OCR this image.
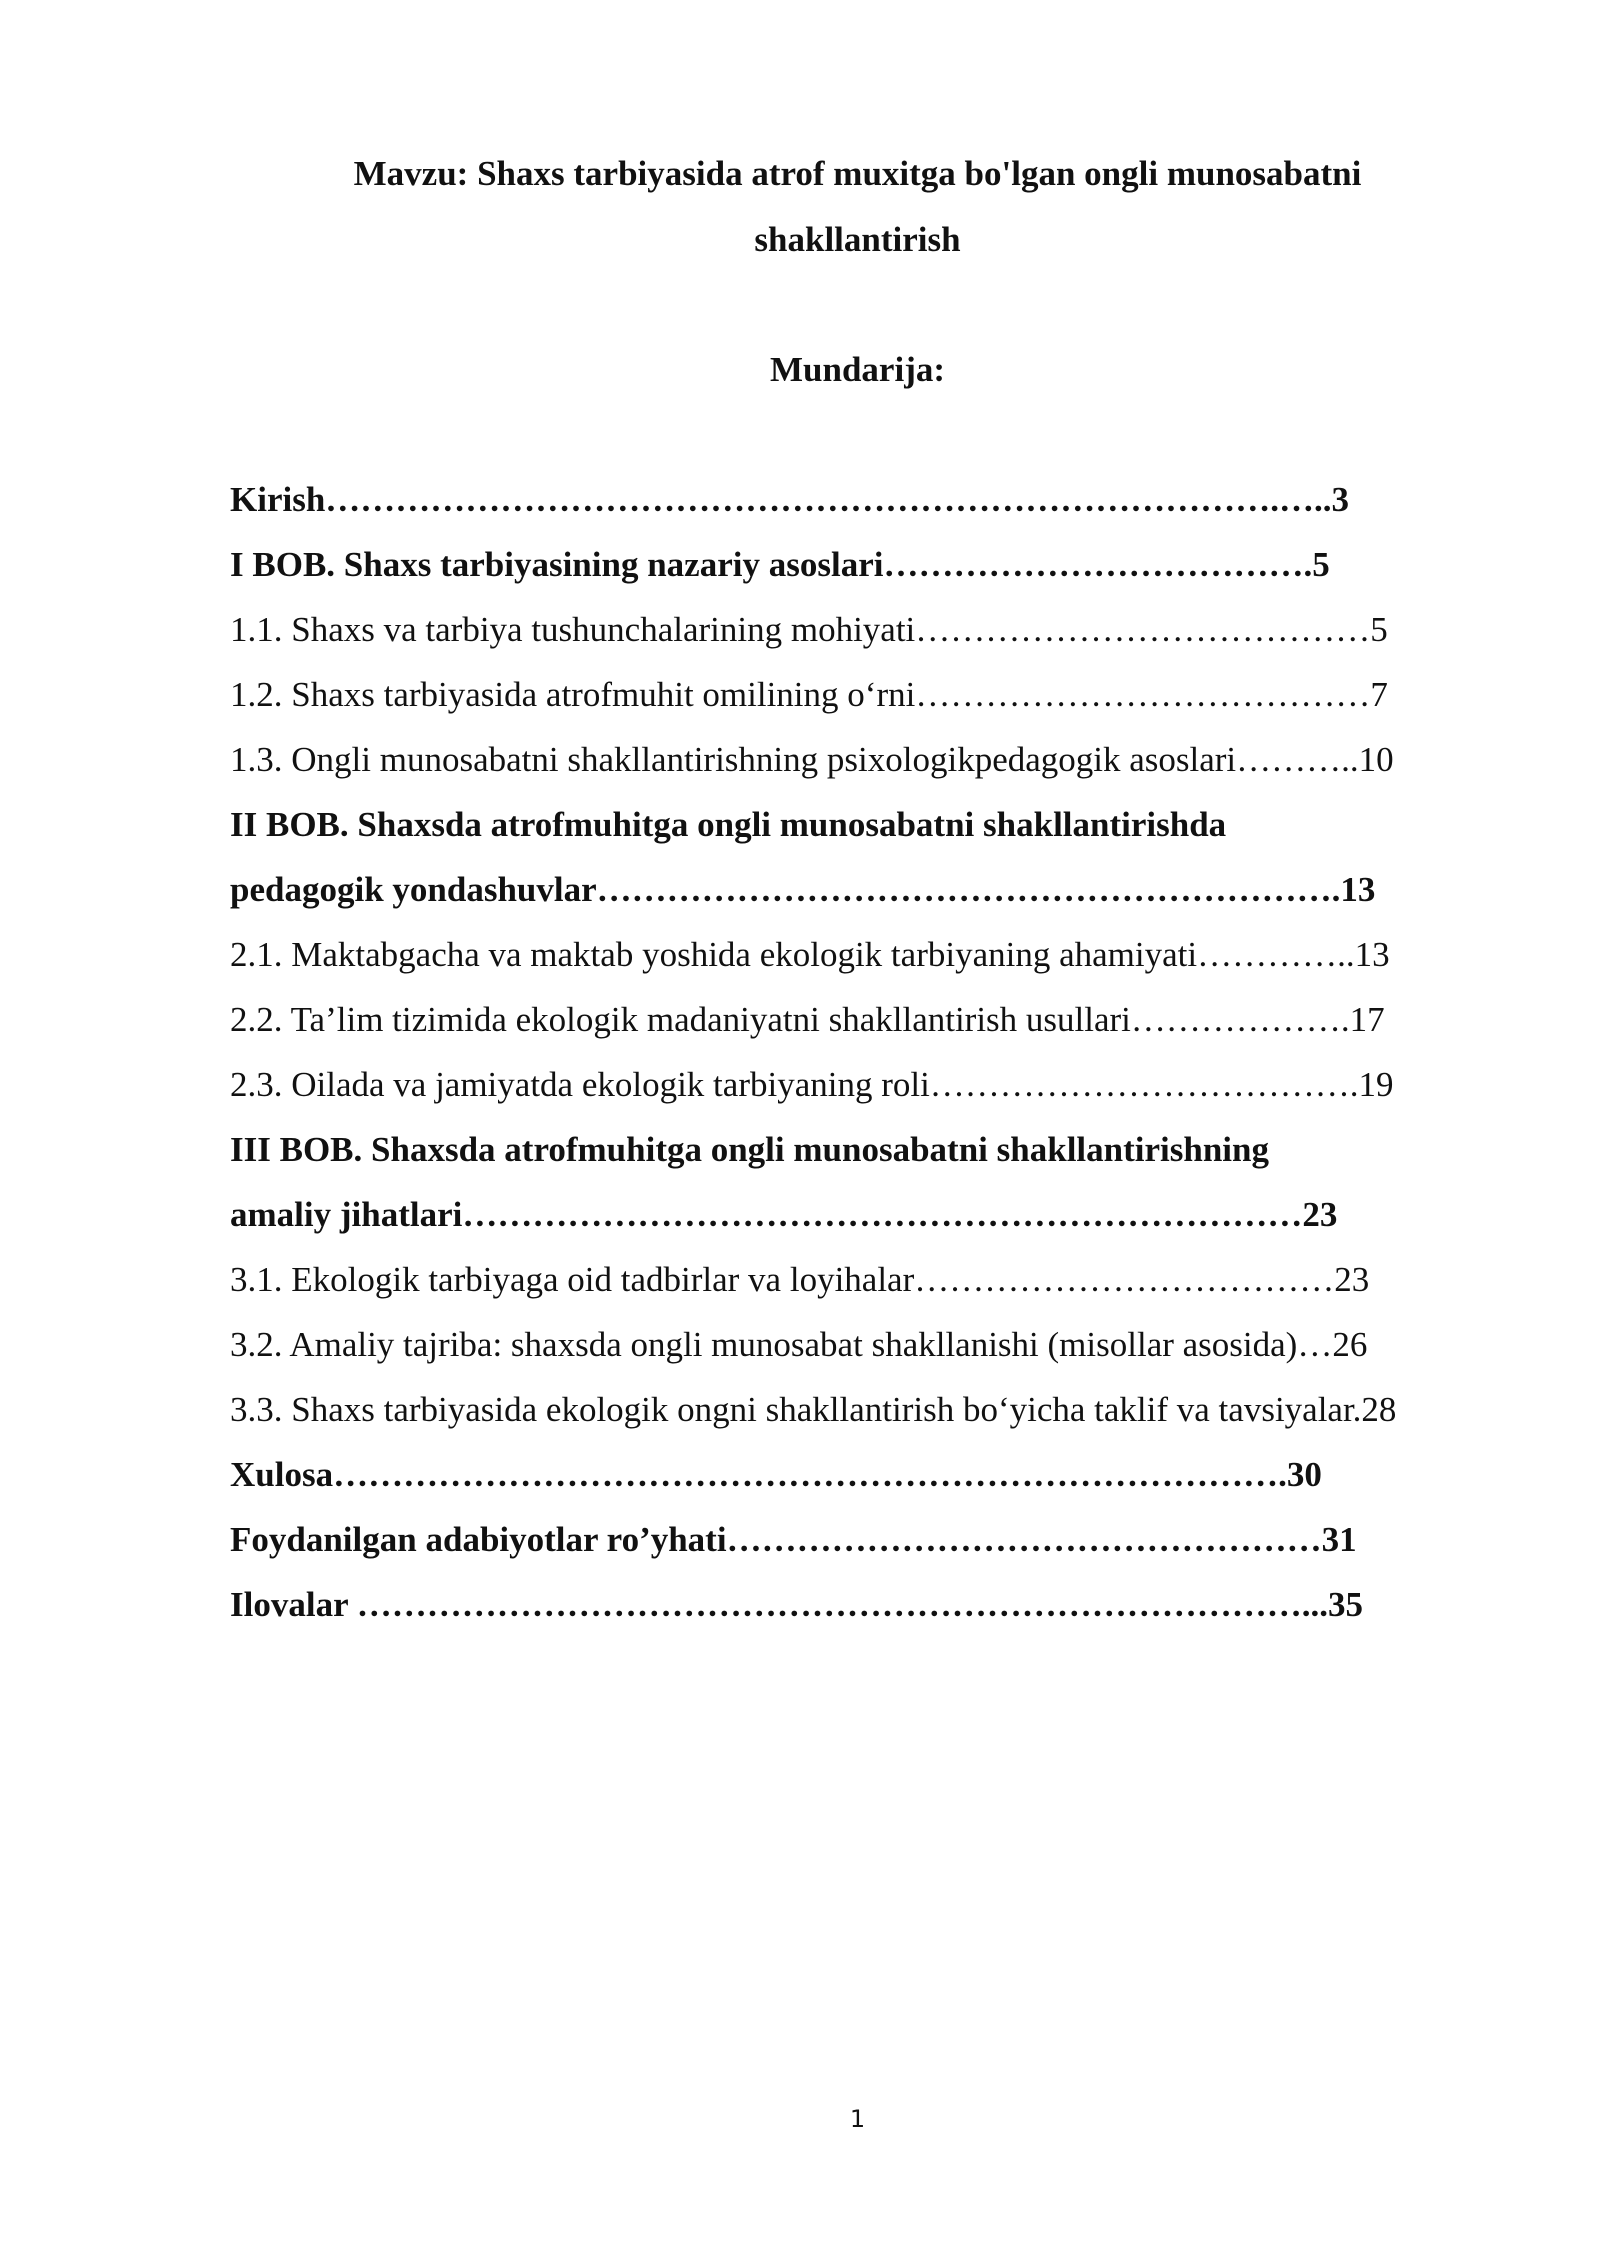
Mavzu: Shaxs tarbiyasida atrof muxitga bo'lgan ongli munosabatni
shakllantirish
Mundarija:
Kirish……………………………………………………………………….…..3
I BOB. Shaxs tarbiyasining nazariy asoslari……………………………….5
1.1. Shaxs va tarbiya tushunchalarining mohiyati…………………………………5
1.2. Shaxs tarbiyasida atrofmuhit omilining oʻrni…………………………………7
1.3. Ongli munosabatni shakllantirishning psixologikpedagogik asoslari………..10
II BOB. Shaxsda atrofmuhitga ongli munosabatni shakllantirishda
pedagogik yondashuvlar……………………………………………………….13
2.1. Maktabgacha va maktab yoshida ekologik tarbiyaning ahamiyati…………..13
2.2. Ta’lim tizimida ekologik madaniyatni shakllantirish usullari……………….17
2.3. Oilada va jamiyatda ekologik tarbiyaning roli……………………………….19
III BOB. Shaxsda atrofmuhitga ongli munosabatni shakllantirishning
amaliy jihatlari………………………………………………………………23
3.1. Ekologik tarbiyaga oid tadbirlar va loyihalar………………………………23
3.2. Amaliy tajriba: shaxsda ongli munosabat shakllanishi (misollar asosida)…26
3.3. Shaxs tarbiyasida ekologik ongni shakllantirish boʻyicha taklif va tavsiyalar.28
Xulosa……………………………………………………………………….30
Foydanilgan adabiyotlar ro’yhati……………………………………………31
Ilovalar ………………………………………………………………………...35
1
